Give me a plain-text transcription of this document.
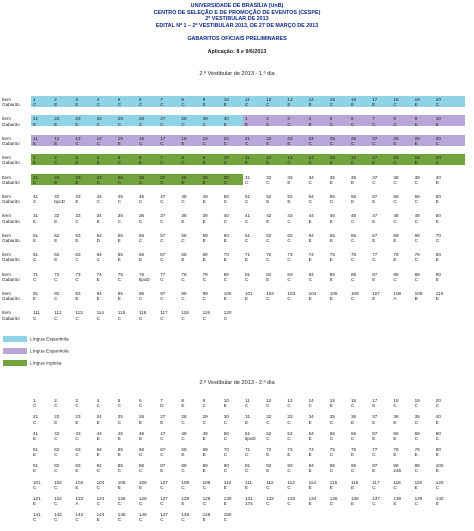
UNIVERSIDADE DE BRASÍLIA (UnB)
CENTRO DE SELEÇÃO E DE PROMOÇÃO DE EVENTOS (CESPE)
2º VESTIBULAR DE 2013
EDITAL Nº 1 – 2º VESTIBULAR 2013, DE 27 DE MARÇO DE 2013
GABARITOS OFICIAIS PRELIMINARES
Aplicação: 8 e 9/6/2013
2.º Vestibular de 2013 - 1.º dia
Item
Gabarito
1
C
2
E
3
E
4
C
5
C
6
C
7
C
8
C
9
E
10
E
11
C
12
C
13
E
14
E
15
C
16
E
17
E
18
C
19
E
20
C
Item
Gabarito
21
E
22
E
23
E
24
C
25
C
26
C
27
C
28
C
29
C
30
E
1
E
2
E
3
C
4
E
5
C
6
C
7
C
8
C
9
E
10
E
Item
Gabarito
11
E
12
E
13
C
14
C
15
E
16
C
17
C
18
E
19
C
20
C
21
C
22
E
23
E
24
C
25
C
26
C
27
C
28
E
29
E
30
C
Item
Gabarito
1
E
2
C
3
E
4
E
5
C
6
E
7
C
8
C
9
E
10
C
11
E
12
E
13
C
14
C
15
E
16
C
17
E
18
C
19
E
20
C
Item
Gabarito
21
C
22
E
23
E
24
C
25
C
26
C
27
C
28
E
29
E
30
C
31
C
32
C
33
E
34
C
35
E
36
E
37
C
38
C
39
C
40
E
Item
Gabarito
41
C
42
tipoD
43
E
44
C
45
C
46
C
47
C
48
C
49
E
50
C
51
C
52
E
53
E
54
C
55
C
56
E
57
E
58
C
59
C
60
E
Item
Gabarito
31
E
32
E
33
C
34
E
35
C
36
C
37
C
38
E
39
E
40
C
41
C
42
E
43
C
44
E
45
E
46
C
47
E
48
C
49
C
50
E
Item
Gabarito
51
E
52
E
53
E
54
D
55
E
56
C
57
C
58
C
59
E
60
E
61
C
62
C
63
C
64
E
65
E
66
C
67
E
68
E
69
C
70
C
Item
Gabarito
61
C
62
E
63
C
64
C
65
E
66
E
67
C
68
E
69
E
70
E
71
E
72
C
73
C
74
E
75
E
76
C
77
C
78
E
79
C
80
E
Item
Gabarito
71
C
72
C
73
C
74
E
75
C
76
tipoD
77
C
78
C
79
C
80
C
81
C
82
E
83
C
84
C
85
E
86
C
87
E
88
C
89
C
90
E
Item
Gabarito
91
E
92
C
93
E
94
E
95
E
96
C
97
C
98
C
99
C
100
E
101
E
102
C
103
C
104
E
105
E
106
C
107
E
108
A
109
B
110
E
Item
Gabarito
111
C
112
C
113
C
114
C
115
C
116
C
117
C
118
C
119
C
120
C
Língua Espanhola
Língua Espanhola
Língua Inglesa
2.º Vestibular de 2013 - 2.º dia
1
C
2
C
3
C
4
C
5
C
6
C
7
D
8
E
9
C
10
E
11
C
12
C
13
C
14
C
15
E
16
C
17
E
18
C
19
C
20
C
21
C
22
E
23
E
24
E
25
C
26
E
27
E
28
C
29
C
30
C
31
E
32
C
33
C
34
E
35
C
36
E
37
E
38
E
39
C
40
E
41
E
42
C
43
C
44
E
45
E
46
E
47
C
48
C
49
E
50
C
51
tipoD
52
C
53
C
54
E
55
C
56
C
57
E
58
E
59
C
60
C
61
E
62
C
63
C
64
E
65
E
66
C
67
C
68
E
69
E
70
C
71
C
72
E
73
E
74
E
75
C
76
E
77
C
78
E
79
E
80
E
81
E
82
C
83
E
84
C
85
C
86
C
87
E
88
C
89
E
90
C
91
C
92
E
93
C
94
E
95
C
96
C
97
E
98
245
99
C
100
E
101
C
102
C
103
E
104
C
105
E
106
E
107
C
108
C
109
C
110
E
111
E
112
C
113
C
114
E
115
E
116
E
117
C
118
C
119
E
120
C
121
E
122
C
123
A
124
C
125
C
126
C
127
C
128
E
129
C
130
E
131
175
132
C
133
C
134
E
135
C
136
E
137
C
138
E
139
C
140
E
141
C
142
C
143
C
144
E
145
C
146
C
147
C
148
C
149
E
150
C
